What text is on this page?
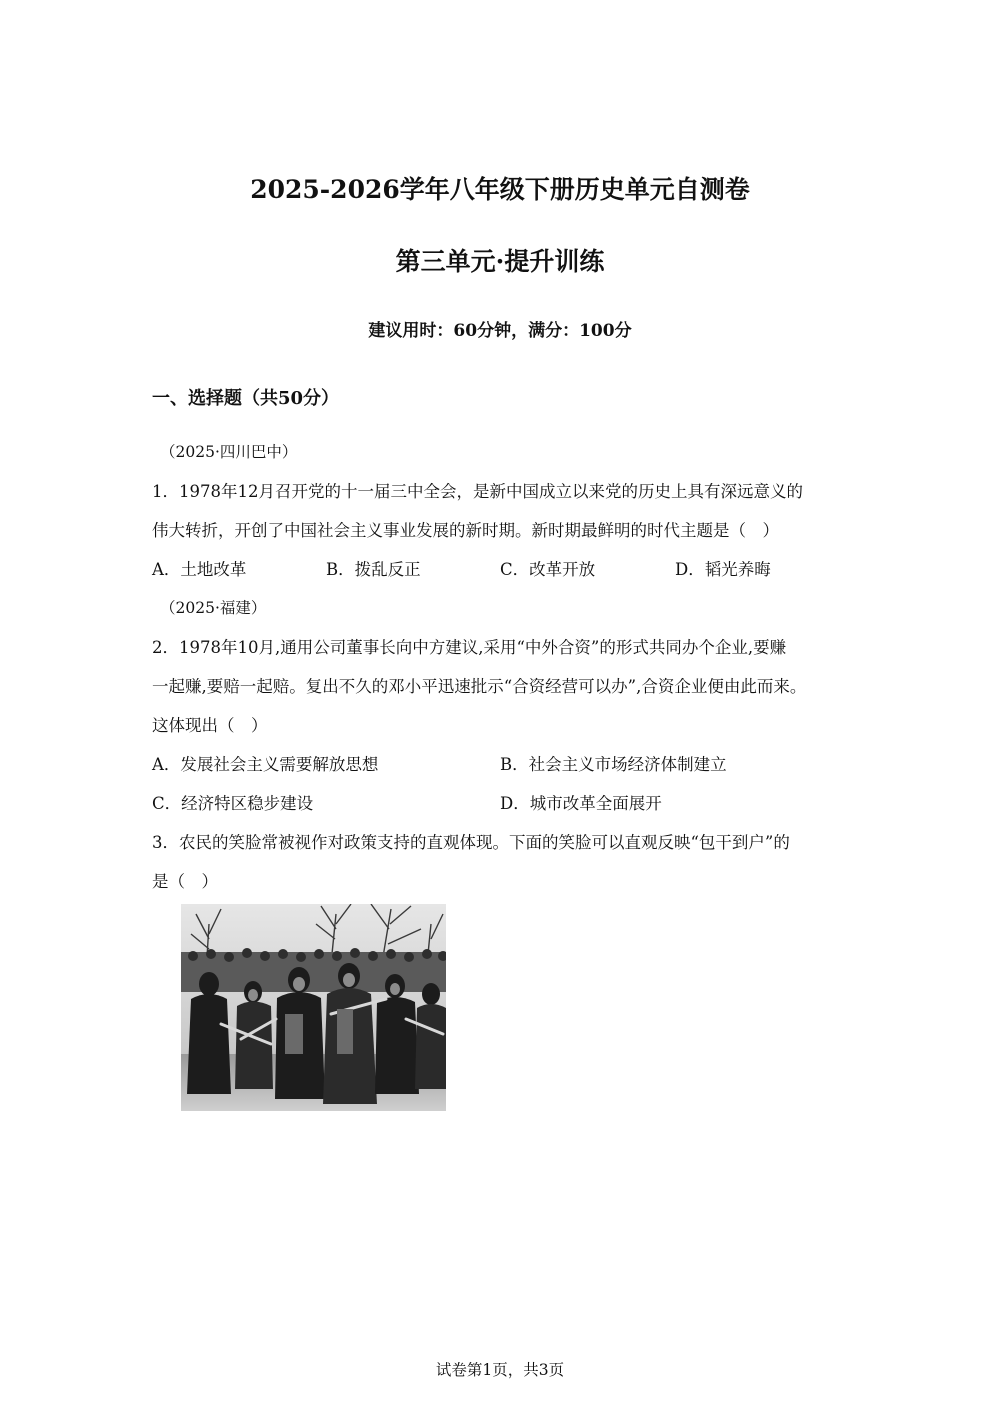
2025-2026学年八年级下册历史单元自测卷
第三单元·提升训练
建议用时：60分钟，满分：100分
一、选择题（共50分）
（2025·四川巴中）
1．1978年12月召开党的十一届三中全会，是新中国成立以来党的历史上具有深远意义的
伟大转折，开创了中国社会主义事业发展的新时期。新时期最鲜明的时代主题是（　）
A．土地改革	B．拨乱反正	C．改革开放	D．韬光养晦
（2025·福建）
2．1978年10月,通用公司董事长向中方建议,采用“中外合资”的形式共同办个企业,要赚
一起赚,要赔一起赔。复出不久的邓小平迅速批示“合资经营可以办”,合资企业便由此而来。
这体现出（　）
A．发展社会主义需要解放思想	B．社会主义市场经济体制建立
C．经济特区稳步建设	D．城市改革全面展开
3．农民的笑脸常被视作对政策支持的直观体现。下面的笑脸可以直观反映“包干到户”的
是（　）
试卷第1页，共3页
